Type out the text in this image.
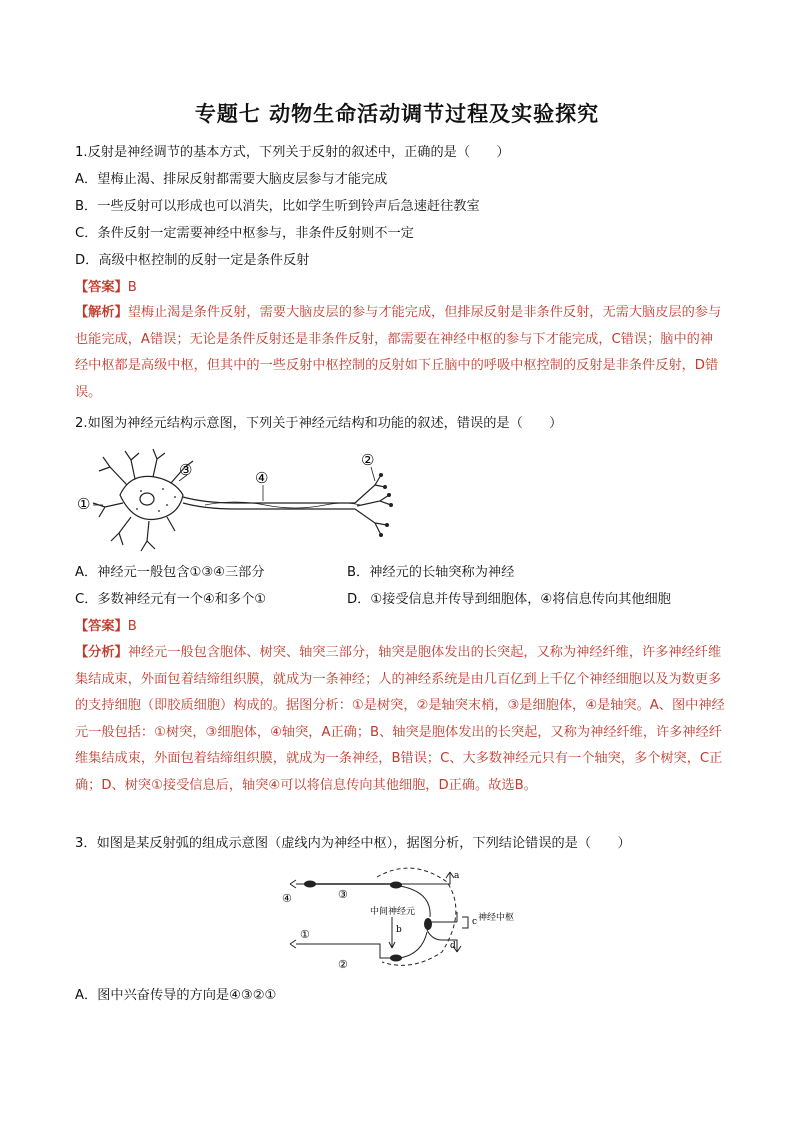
专题七 动物生命活动调节过程及实验探究
1.反射是神经调节的基本方式，下列关于反射的叙述中，正确的是（　　）
A．望梅止渴、排尿反射都需要大脑皮层参与才能完成
B．一些反射可以形成也可以消失，比如学生听到铃声后急速赶往教室
C．条件反射一定需要神经中枢参与，非条件反射则不一定
D．高级中枢控制的反射一定是条件反射
【答案】B
【解析】望梅止渴是条件反射，需要大脑皮层的参与才能完成，但排尿反射是非条件反射，无需大脑皮层的参与也能完成，A错误；无论是条件反射还是非条件反射，都需要在神经中枢的参与下才能完成，C错误；脑中的神经中枢都是高级中枢，但其中的一些反射中枢控制的反射如下丘脑中的呼吸中枢控制的反射是非条件反射，D错误。
2.如图为神经元结构示意图，下列关于神经元结构和功能的叙述，错误的是（　　）
①
②
③	④
A．神经元一般包含①③④三部分	B．神经元的长轴突称为神经
C．多数神经元有一个④和多个①	D．①接受信息并传导到细胞体，④将信息传向其他细胞
【答案】B
【分析】神经元一般包含胞体、树突、轴突三部分，轴突是胞体发出的长突起，又称为神经纤维，许多神经纤维集结成束，外面包着结缔组织膜，就成为一条神经；人的神经系统是由几百亿到上千亿个神经细胞以及为数更多的支持细胞（即胶质细胞）构成的。据图分析：①是树突，②是轴突末梢，③是细胞体，④是轴突。A、图中神经元一般包括：①树突，③细胞体，④轴突，A正确；B、轴突是胞体发出的长突起，又称为神经纤维，许多神经纤维集结成束，外面包着结缔组织膜，就成为一条神经，B错误；C、大多数神经元只有一个轴突，多个树突，C正确；D、树突①接受信息后，轴突④可以将信息传向其他细胞，D正确。故选B。
3．如图是某反射弧的组成示意图（虚线内为神经中枢），据图分析，下列结论错误的是（　　）
④	③
①
②
a
b
c
d
中间神经元
神经中枢
A．图中兴奋传导的方向是④③②①
